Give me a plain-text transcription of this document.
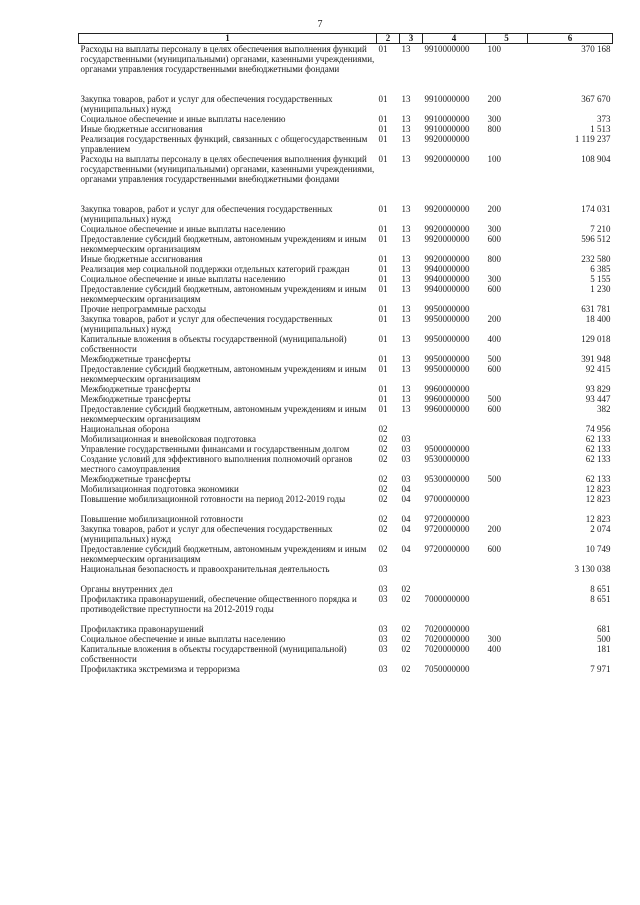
7
1	2	3	4	5	6
Расходы на выплаты персоналу в целях обеспечения выполнения функций государственными (муниципальными) органами, казенными учреждениями, органами управления государственными внебюджетными фондами	01	13	9910000000	100	370 168

Закупка товаров, работ и услуг для обеспечения государственных (муниципальных) нужд	01	13	9910000000	200	367 670
Социальное обеспечение и иные выплаты населению	01	13	9910000000	300	373
Иные бюджетные ассигнования	01	13	9910000000	800	1 513
Реализация государственных функций, связанных с общегосударственным управлением	01	13	9920000000		1 119 237
Расходы на выплаты персоналу в целях обеспечения выполнения функций государственными (муниципальными) органами, казенными учреждениями, органами управления государственными внебюджетными фондами	01	13	9920000000	100	108 904

Закупка товаров, работ и услуг для обеспечения государственных (муниципальных) нужд	01	13	9920000000	200	174 031
Социальное обеспечение и иные выплаты населению	01	13	9920000000	300	7 210
Предоставление субсидий бюджетным, автономным учреждениям и иным некоммерческим организациям	01	13	9920000000	600	596 512
Иные бюджетные ассигнования	01	13	9920000000	800	232 580
Реализация мер социальной поддержки отдельных категорий граждан	01	13	9940000000		6 385
Социальное обеспечение и иные выплаты населению	01	13	9940000000	300	5 155
Предоставление субсидий бюджетным, автономным учреждениям и иным некоммерческим организациям	01	13	9940000000	600	1 230
Прочие непрограммные расходы	01	13	9950000000		631 781
Закупка товаров, работ и услуг для обеспечения государственных (муниципальных) нужд	01	13	9950000000	200	18 400
Капитальные вложения в объекты государственной (муниципальной) собственности	01	13	9950000000	400	129 018
Межбюджетные трансферты	01	13	9950000000	500	391 948
Предоставление субсидий бюджетным, автономным учреждениям и иным некоммерческим организациям	01	13	9950000000	600	92 415
Межбюджетные трансферты	01	13	9960000000		93 829
Межбюджетные трансферты	01	13	9960000000	500	93 447
Предоставление субсидий бюджетным, автономным учреждениям и иным некоммерческим организациям	01	13	9960000000	600	382
Национальная оборона	02				74 956
Мобилизационная и вневойсковая подготовка	02	03			62 133
Управление государственными финансами и государственным долгом	02	03	9500000000		62 133
Создание условий для эффективного выполнения полномочий органов местного самоуправления	02	03	9530000000		62 133
Межбюджетные трансферты	02	03	9530000000	500	62 133
Мобилизационная подготовка экономики	02	04			12 823
Повышение мобилизационной готовности на период 2012-2019 годы	02	04	9700000000		12 823

Повышение мобилизационной готовности	02	04	9720000000		12 823
Закупка товаров, работ и услуг для обеспечения государственных (муниципальных) нужд	02	04	9720000000	200	2 074
Предоставление субсидий бюджетным, автономным учреждениям и иным некоммерческим организациям	02	04	9720000000	600	10 749
Национальная безопасность и правоохранительная деятельность	03				3 130 038

Органы внутренних дел	03	02			8 651
Профилактика правонарушений, обеспечение общественного порядка и противодействие преступности на 2012-2019 годы	03	02	7000000000		8 651

Профилактика правонарушений	03	02	7020000000		681
Социальное обеспечение и иные выплаты населению	03	02	7020000000	300	500
Капитальные вложения в объекты государственной (муниципальной) собственности	03	02	7020000000	400	181
Профилактика экстремизма и терроризма	03	02	7050000000		7 971
